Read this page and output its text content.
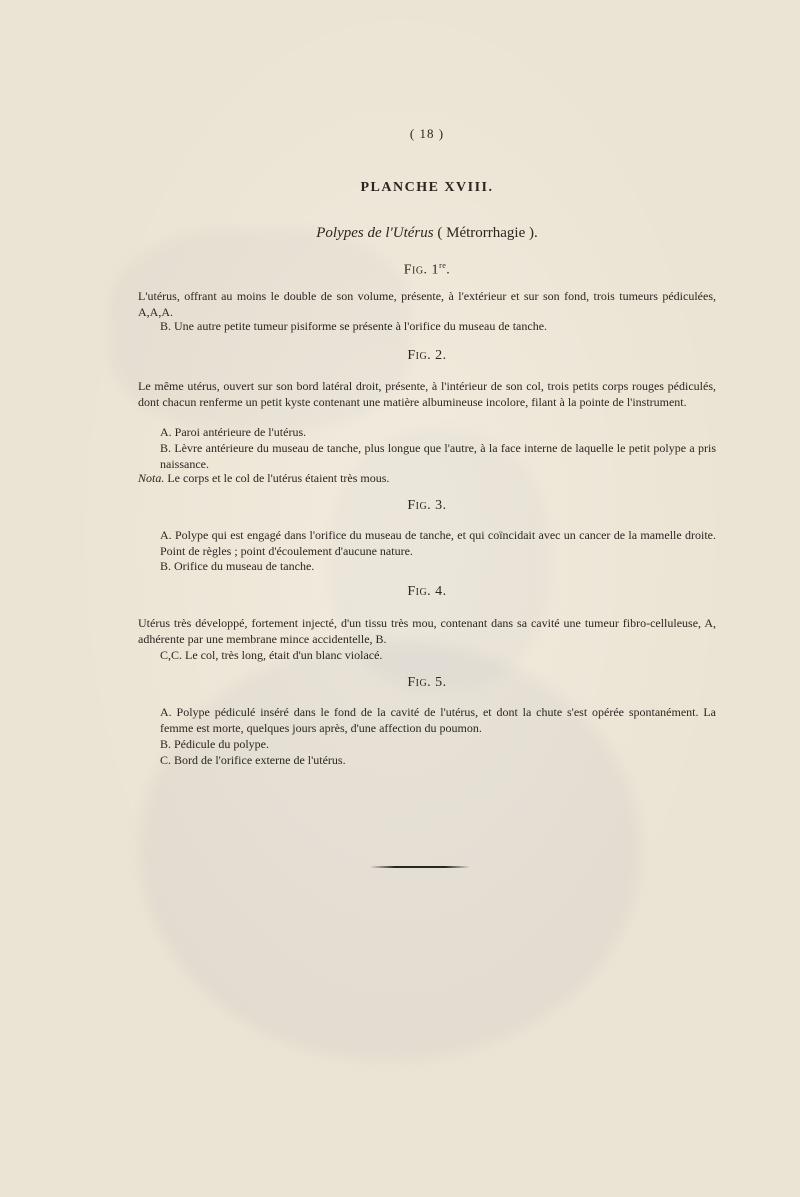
( 18 )
PLANCHE XVIII.
Polypes de l'Utérus ( Métrorrhagie ).
Fig. 1re.
L'utérus, offrant au moins le double de son volume, présente, à l'extérieur et sur son fond, trois tumeurs pédiculées, A,A,A.
B. Une autre petite tumeur pisiforme se présente à l'orifice du museau de tanche.
Fig. 2.
Le même utérus, ouvert sur son bord latéral droit, présente, à l'intérieur de son col, trois petits corps rouges pédiculés, dont chacun renferme un petit kyste contenant une matière albumineuse incolore, filant à la pointe de l'instrument.
A. Paroi antérieure de l'utérus.
B. Lèvre antérieure du museau de tanche, plus longue que l'autre, à la face interne de laquelle le petit polype a pris naissance.
Nota. Le corps et le col de l'utérus étaient très mous.
Fig. 3.
A. Polype qui est engagé dans l'orifice du museau de tanche, et qui coïncidait avec un cancer de la mamelle droite. Point de règles ; point d'écoulement d'aucune nature.
B. Orifice du museau de tanche.
Fig. 4.
Utérus très développé, fortement injecté, d'un tissu très mou, contenant dans sa cavité une tumeur fibro-celluleuse, A, adhérente par une membrane mince accidentelle, B.
C,C. Le col, très long, était d'un blanc violacé.
Fig. 5.
A. Polype pédiculé inséré dans le fond de la cavité de l'utérus, et dont la chute s'est opérée spontanément. La femme est morte, quelques jours après, d'une affection du poumon.
B. Pédicule du polype.
C. Bord de l'orifice externe de l'utérus.
